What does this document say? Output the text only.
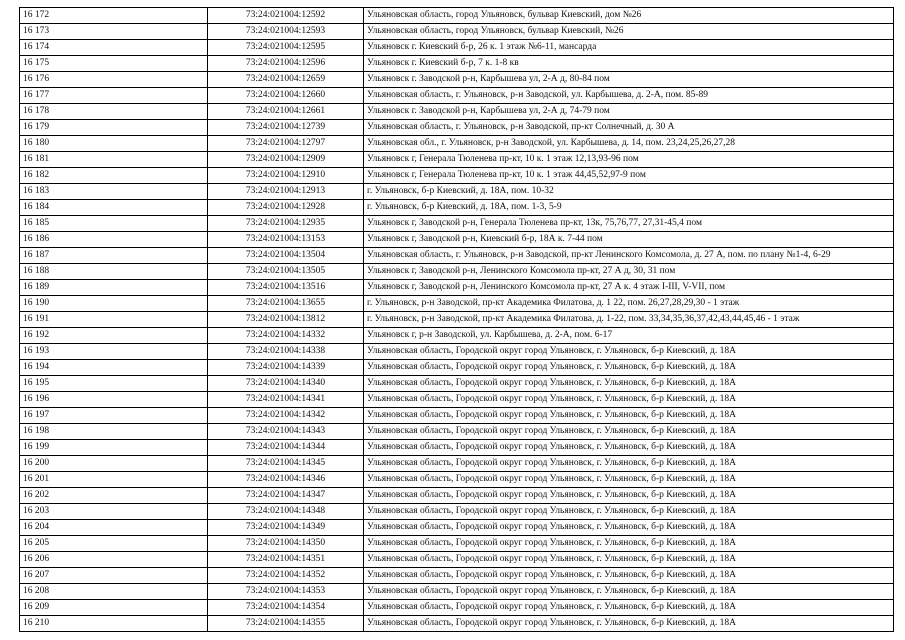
16 172	73:24:021004:12592	Ульяновская область, город Ульяновск, бульвар Киевский, дом №26
16 173	73:24:021004:12593	Ульяновская область, город Ульяновск, бульвар Киевский, №26
16 174	73:24:021004:12595	Ульяновск г. Киевский б-р, 26 к. 1 этаж №6-11, мансарда
16 175	73:24:021004:12596	Ульяновск г. Киевский б-р, 7 к. 1-8 кв
16 176	73:24:021004:12659	Ульяновск г. Заводской р-н, Карбышева ул, 2-А д, 80-84 пом
16 177	73:24:021004:12660	Ульяновская область, г. Ульяновск, р-н Заводской, ул. Карбышева, д. 2-А, пом. 85-89
16 178	73:24:021004:12661	Ульяновск г. Заводской р-н, Карбышева ул, 2-А д, 74-79 пом
16 179	73:24:021004:12739	Ульяновская область, г. Ульяновск, р-н Заводской, пр-кт Солнечный, д. 30 А
16 180	73:24:021004:12797	Ульяновская обл., г. Ульяновск, р-н Заводской, ул. Карбышева, д. 14, пом. 23,24,25,26,27,28
16 181	73:24:021004:12909	Ульяновск г, Генерала Тюленева пр-кт, 10 к. 1 этаж 12,13,93-96 пом
16 182	73:24:021004:12910	Ульяновск г, Генерала Тюленева пр-кт, 10 к. 1 этаж 44,45,52,97-9 пом
16 183	73:24:021004:12913	г. Ульяновск, б-р Киевский, д. 18А, пом. 10-32
16 184	73:24:021004:12928	г. Ульяновск, б-р Киевский, д. 18А, пом. 1-3, 5-9
16 185	73:24:021004:12935	Ульяновск г, Заводской р-н, Генерала Тюленева пр-кт, 13к, 75,76,77, 27,31-45,4 пом
16 186	73:24:021004:13153	Ульяновск г, Заводской р-н, Киевский б-р, 18А к. 7-44 пом
16 187	73:24:021004:13504	Ульяновская область, г. Ульяновск, р-н Заводской, пр-кт Ленинского Комсомола, д. 27 А, пом. по плану №1-4, 6-29
16 188	73:24:021004:13505	Ульяновск г, Заводской р-н, Ленинского Комсомола пр-кт, 27 А д, 30, 31 пом
16 189	73:24:021004:13516	Ульяновск г, Заводской р-н, Ленинского Комсомола пр-кт, 27 А к. 4 этаж I-III, V-VII, пом
16 190	73:24:021004:13655	г. Ульяновск, р-н Заводской, пр-кт Академика Филатова, д. 1 22, пом. 26,27,28,29,30 - 1 этаж
16 191	73:24:021004:13812	г. Ульяновск, р-н Заводской, пр-кт Академика Филатова, д. 1-22, пом. 33,34,35,36,37,42,43,44,45,46 - 1 этаж
16 192	73:24:021004:14332	Ульяновск г, р-н Заводской, ул. Карбышева, д. 2-А, пом. 6-17
16 193	73:24:021004:14338	Ульяновская область, Городской округ город Ульяновск, г. Ульяновск, б-р Киевский, д. 18А
16 194	73:24:021004:14339	Ульяновская область, Городской округ город Ульяновск, г. Ульяновск, б-р Киевский, д. 18А
16 195	73:24:021004:14340	Ульяновская область, Городской округ город Ульяновск, г. Ульяновск, б-р Киевский, д. 18А
16 196	73:24:021004:14341	Ульяновская область, Городской округ город Ульяновск, г. Ульяновск, б-р Киевский, д. 18А
16 197	73:24:021004:14342	Ульяновская область, Городской округ город Ульяновск, г. Ульяновск, б-р Киевский, д. 18А
16 198	73:24:021004:14343	Ульяновская область, Городской округ город Ульяновск, г. Ульяновск, б-р Киевский, д. 18А
16 199	73:24:021004:14344	Ульяновская область, Городской округ город Ульяновск, г. Ульяновск, б-р Киевский, д. 18А
16 200	73:24:021004:14345	Ульяновская область, Городской округ город Ульяновск, г. Ульяновск, б-р Киевский, д. 18А
16 201	73:24:021004:14346	Ульяновская область, Городской округ город Ульяновск, г. Ульяновск, б-р Киевский, д. 18А
16 202	73:24:021004:14347	Ульяновская область, Городской округ город Ульяновск, г. Ульяновск, б-р Киевский, д. 18А
16 203	73:24:021004:14348	Ульяновская область, Городской округ город Ульяновск, г. Ульяновск, б-р Киевский, д. 18А
16 204	73:24:021004:14349	Ульяновская область, Городской округ город Ульяновск, г. Ульяновск, б-р Киевский, д. 18А
16 205	73:24:021004:14350	Ульяновская область, Городской округ город Ульяновск, г. Ульяновск, б-р Киевский, д. 18А
16 206	73:24:021004:14351	Ульяновская область, Городской округ город Ульяновск, г. Ульяновск, б-р Киевский, д. 18А
16 207	73:24:021004:14352	Ульяновская область, Городской округ город Ульяновск, г. Ульяновск, б-р Киевский, д. 18А
16 208	73:24:021004:14353	Ульяновская область, Городской округ город Ульяновск, г. Ульяновск, б-р Киевский, д. 18А
16 209	73:24:021004:14354	Ульяновская область, Городской округ город Ульяновск, г. Ульяновск, б-р Киевский, д. 18А
16 210	73:24:021004:14355	Ульяновская область, Городской округ город Ульяновск, г. Ульяновск, б-р Киевский, д. 18А
